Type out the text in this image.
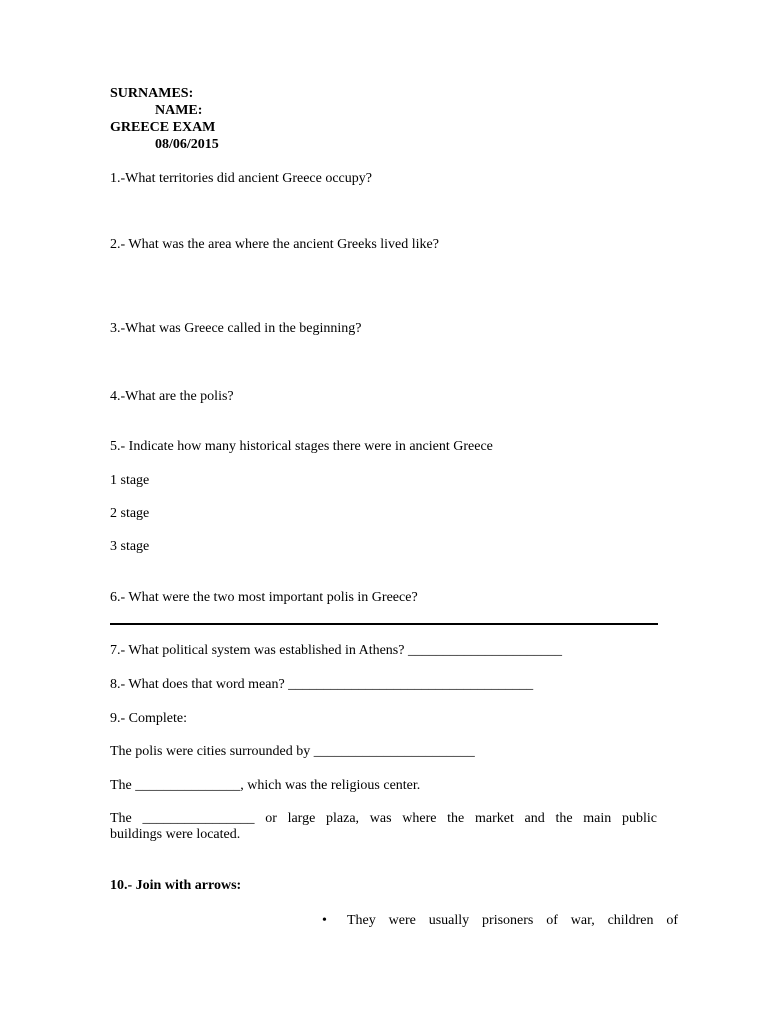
SURNAMES:
NAME:
GREECE EXAM
08/06/2015
1.-What territories did ancient Greece occupy?
2.- What was the area where the ancient Greeks lived like?
3.-What was Greece called in the beginning?
4.-What are the polis?
5.- Indicate how many historical stages there were in ancient Greece
1 stage
2 stage
3 stage
6.- What were the two most important polis in Greece?
7.- What political system was established in Athens? ______________________
8.- What does that word mean? ___________________________________
9.- Complete:
The polis were cities surrounded by _______________________
The _______________, which was the religious center.
The ________________ or large plaza, was where the market and the main public
buildings were located.
10.- Join with arrows:
• They were usually prisoners of war, children of
